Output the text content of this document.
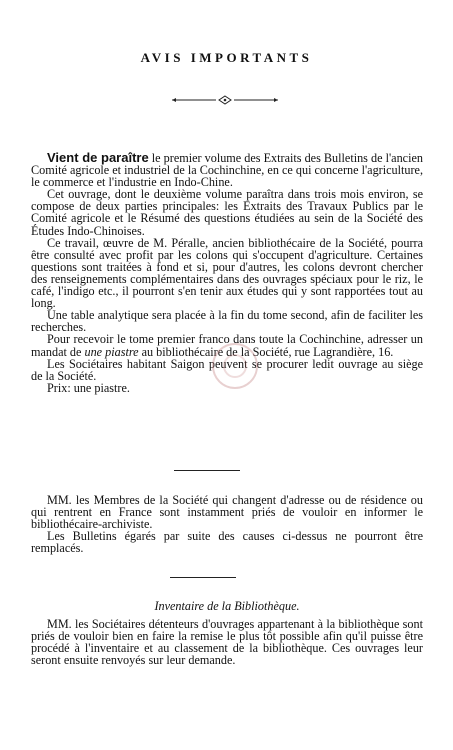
AVIS IMPORTANTS

Vient de paraître le premier volume des Extraits des Bulletins de l'ancien Comité agricole et industriel de la Cochinchine, en ce qui concerne l'agriculture, le commerce et l'industrie en Indo-Chine.

Cet ouvrage, dont le deuxième volume paraîtra dans trois mois environ, se compose de deux parties principales: les Extraits des Travaux Publics par le Comité agricole et le Résumé des questions étudiées au sein de la Société des Études Indo-Chinoises.

Ce travail, œuvre de M. Péralle, ancien bibliothécaire de la Société, pourra être consulté avec profit par les colons qui s'occupent d'agriculture. Certaines questions sont traitées à fond et si, pour d'autres, les colons devront chercher des renseignements complémentaires dans des ouvrages spéciaux pour le riz, le café, l'indigo etc., il pourront s'en tenir aux études qui y sont rapportées tout au long.

Une table analytique sera placée à la fin du tome second, afin de faciliter les recherches.

Pour recevoir le tome premier franco dans toute la Cochinchine, adresser un mandat de une piastre au bibliothécaire de la Société, rue Lagrandière, 16.

Les Sociétaires habitant Saigon peuvent se procurer ledit ouvrage au siège de la Société.

Prix: une piastre.

MM. les Membres de la Société qui changent d'adresse ou de résidence ou qui rentrent en France sont instamment priés de vouloir en informer le bibliothécaire-archiviste.

Les Bulletins égarés par suite des causes ci-dessus ne pourront être remplacés.

Inventaire de la Bibliothèque.

MM. les Sociétaires détenteurs d'ouvrages appartenant à la bibliothèque sont priés de vouloir bien en faire la remise le plus tôt possible afin qu'il puisse être procédé à l'inventaire et au classement de la bibliothèque. Ces ouvrages leur seront ensuite renvoyés sur leur demande.
